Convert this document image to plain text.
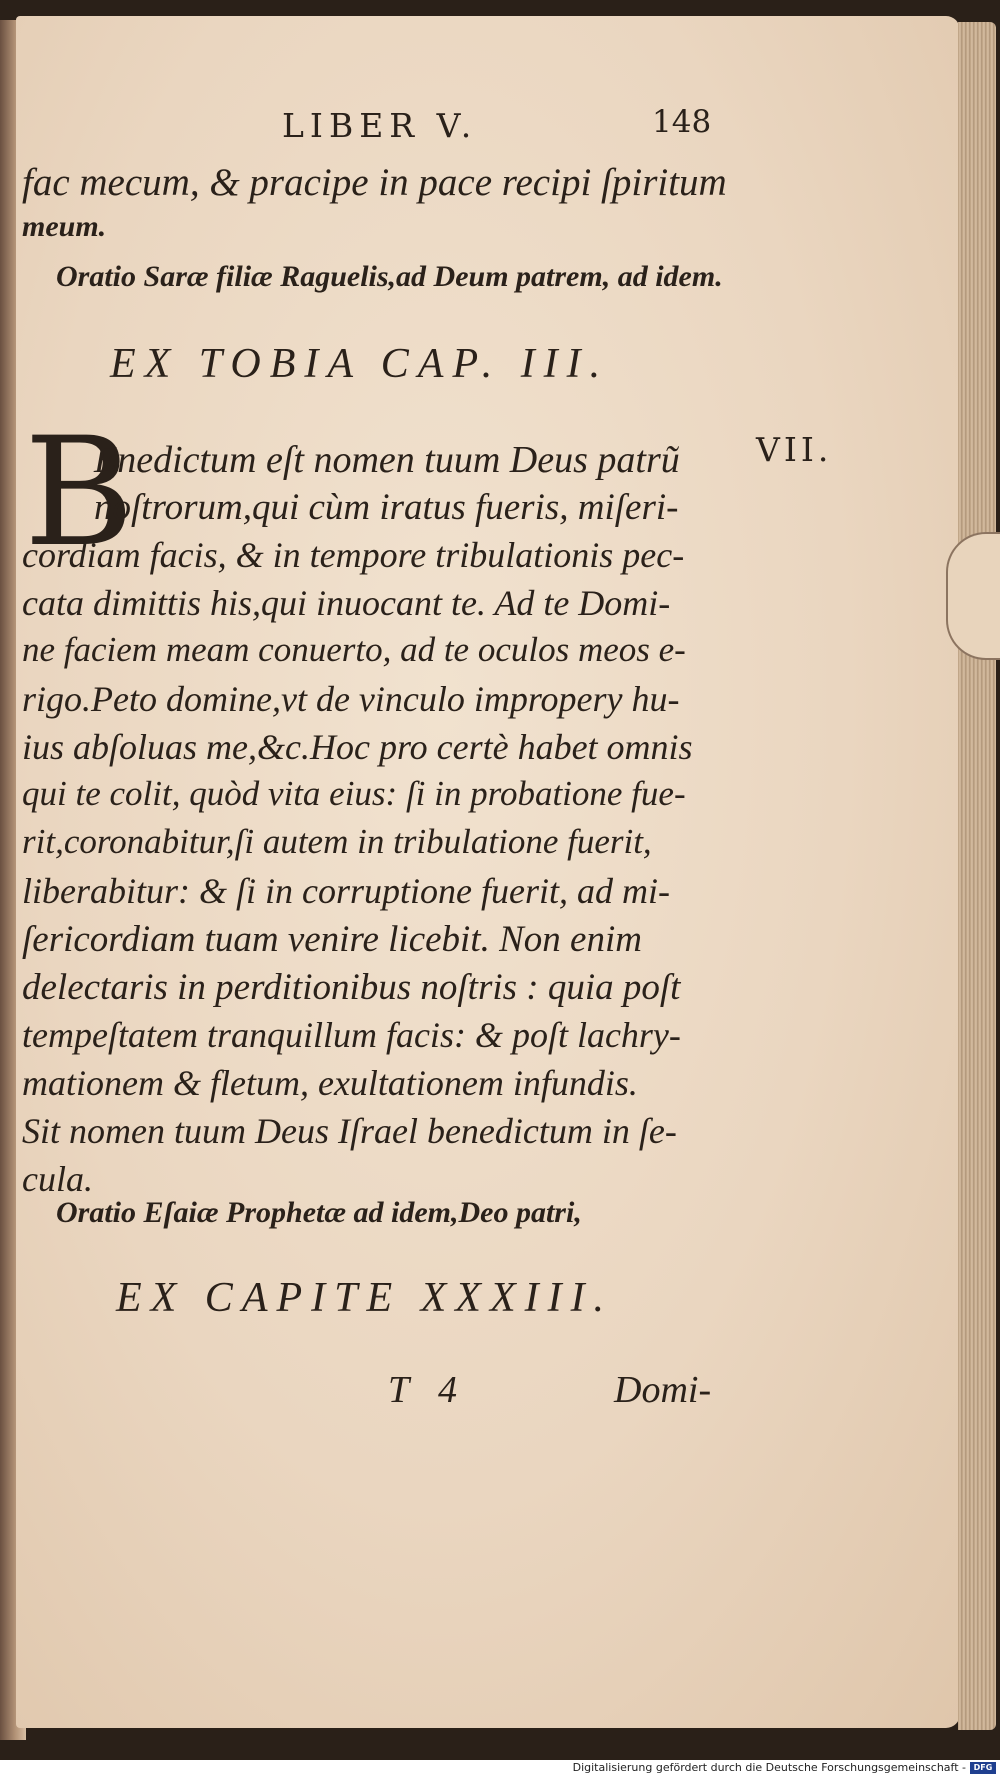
LIBER V.	148
fac mecum, & pracipe in pace recipi ſpiritum
meum.
Oratio Saræ filiæ Raguelis,ad Deum patrem, ad idem.
EX TOBIA CAP. III.
B	VII.
Enedictum eſt nomen tuum Deus patrũ
noſtrorum,qui cùm iratus fueris, miſeri-
cordiam facis, & in tempore tribulationis pec-
cata dimittis his,qui inuocant te. Ad te Domi-
ne faciem meam conuerto, ad te oculos meos e-
rigo.Peto domine,vt de vinculo impropery hu-
ius abſoluas me,&c.Hoc pro certè habet omnis
qui te colit, quòd vita eius: ſi in probatione fue-
rit,coronabitur,ſi autem in tribulatione fuerit,
liberabitur: & ſi in corruptione fuerit, ad mi-
ſericordiam tuam venire licebit. Non enim
delectaris in perditionibus noſtris : quia poſt
tempeſtatem tranquillum facis: & poſt lachry-
mationem & fletum, exultationem infundis.
Sit nomen tuum Deus Iſrael benedictum in ſe-
cula.
Oratio Eſaiæ Prophetæ ad idem,Deo patri,
EX CAPITE XXXIII.
T 4	Domi-
Digitalisierung gefördert durch die Deutsche Forschungsgemeinschaft - DFG
